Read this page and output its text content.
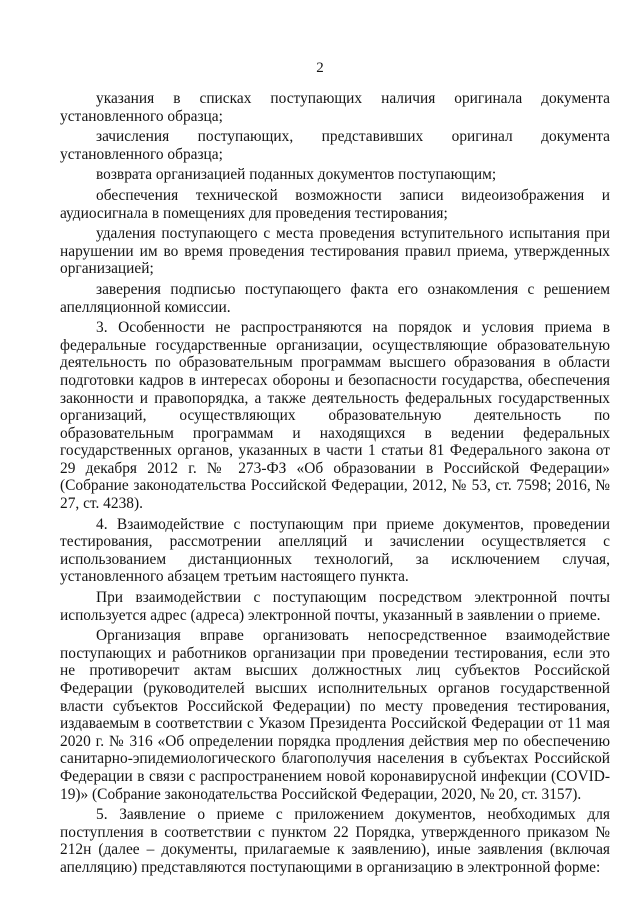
2

указания в списках поступающих наличия оригинала документа установленного образца;

зачисления поступающих, представивших оригинал документа установленного образца;

возврата организацией поданных документов поступающим;

обеспечения технической возможности записи видеоизображения и аудиосигнала в помещениях для проведения тестирования;

удаления поступающего с места проведения вступительного испытания при нарушении им во время проведения тестирования правил приема, утвержденных организацией;

заверения подписью поступающего факта его ознакомления с решением апелляционной комиссии.

3. Особенности не распространяются на порядок и условия приема в федеральные государственные организации, осуществляющие образовательную деятельность по образовательным программам высшего образования в области подготовки кадров в интересах обороны и безопасности государства, обеспечения законности и правопорядка, а также деятельность федеральных государственных организаций, осуществляющих образовательную деятельность по образовательным программам и находящихся в ведении федеральных государственных органов, указанных в части 1 статьи 81 Федерального закона от 29 декабря 2012 г. № 273-ФЗ «Об образовании в Российской Федерации» (Собрание законодательства Российской Федерации, 2012, № 53, ст. 7598; 2016, № 27, ст. 4238).

4. Взаимодействие с поступающим при приеме документов, проведении тестирования, рассмотрении апелляций и зачислении осуществляется с использованием дистанционных технологий, за исключением случая, установленного абзацем третьим настоящего пункта.

При взаимодействии с поступающим посредством электронной почты используется адрес (адреса) электронной почты, указанный в заявлении о приеме.

Организация вправе организовать непосредственное взаимодействие поступающих и работников организации при проведении тестирования, если это не противоречит актам высших должностных лиц субъектов Российской Федерации (руководителей высших исполнительных органов государственной власти субъектов Российской Федерации) по месту проведения тестирования, издаваемым в соответствии с Указом Президента Российской Федерации от 11 мая 2020 г. № 316 «Об определении порядка продления действия мер по обеспечению санитарно-эпидемиологического благополучия населения в субъектах Российской Федерации в связи с распространением новой коронавирусной инфекции (COVID-19)» (Собрание законодательства Российской Федерации, 2020, № 20, ст. 3157).

5. Заявление о приеме с приложением документов, необходимых для поступления в соответствии с пунктом 22 Порядка, утвержденного приказом № 212н (далее – документы, прилагаемые к заявлению), иные заявления (включая апелляцию) представляются поступающими в организацию в электронной форме:
